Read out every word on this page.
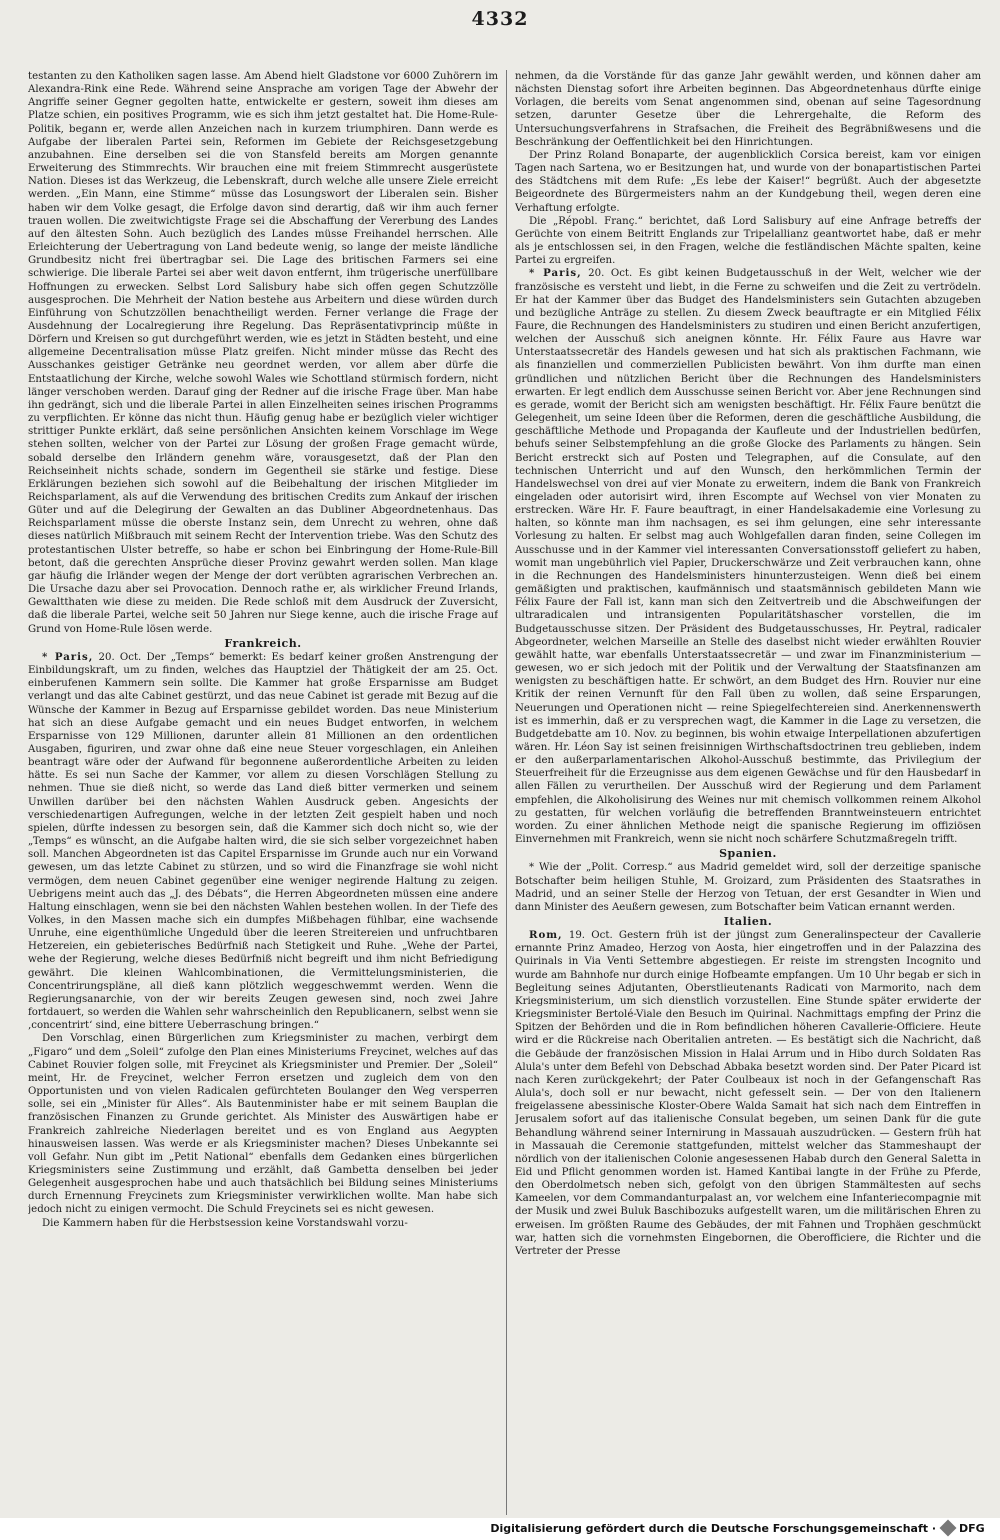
4332

testanten zu den Katholiken sagen lasse. Am Abend hielt Gladstone vor 6000 Zuhörern im Alexandra-Rink eine Rede. Während seine Ansprache am vorigen Tage der Abwehr der Angriffe seiner Gegner gegolten hatte, entwickelte er gestern, soweit ihm dieses am Platze schien, ein positives Programm, wie es sich ihm jetzt gestaltet hat. Die Home-Rule-Politik, begann er, werde allen Anzeichen nach in kurzem triumphiren. Dann werde es Aufgabe der liberalen Partei sein, Reformen im Gebiete der Reichsgesetzgebung anzubahnen. Eine derselben sei die von Stansfeld bereits am Morgen genannte Erweiterung des Stimmrechts. Wir brauchen eine mit freiem Stimmrecht ausgerüstete Nation. Dieses ist das Werkzeug, die Lebenskraft, durch welche alle unsere Ziele erreicht werden. „Ein Mann, eine Stimme“ müsse das Losungswort der Liberalen sein. Bisher haben wir dem Volke gesagt, die Erfolge davon sind derartig, daß wir ihm auch ferner trauen wollen. Die zweitwichtigste Frage sei die Abschaffung der Vererbung des Landes auf den ältesten Sohn. Auch bezüglich des Landes müsse Freihandel herrschen. Alle Erleichterung der Uebertragung von Land bedeute wenig, so lange der meiste ländliche Grundbesitz nicht frei übertragbar sei. Die Lage des britischen Farmers sei eine schwierige. Die liberale Partei sei aber weit davon entfernt, ihm trügerische unerfüllbare Hoffnungen zu erwecken. Selbst Lord Salisbury habe sich offen gegen Schutzzölle ausgesprochen. Die Mehrheit der Nation bestehe aus Arbeitern und diese würden durch Einführung von Schutzzöllen benachtheiligt werden. Ferner verlange die Frage der Ausdehnung der Localregierung ihre Regelung. Das Repräsentativprincip müßte in Dörfern und Kreisen so gut durchgeführt werden, wie es jetzt in Städten besteht, und eine allgemeine Decentralisation müsse Platz greifen. Nicht minder müsse das Recht des Ausschankes geistiger Getränke neu geordnet werden, vor allem aber dürfe die Entstaatlichung der Kirche, welche sowohl Wales wie Schottland stürmisch fordern, nicht länger verschoben werden. Darauf ging der Redner auf die irische Frage über. Man habe ihn gedrängt, sich und die liberale Partei in allen Einzelheiten seines irischen Programms zu verpflichten. Er könne das nicht thun. Häufig genug habe er bezüglich vieler wichtiger strittiger Punkte erklärt, daß seine persönlichen Ansichten keinem Vorschlage im Wege stehen sollten, welcher von der Partei zur Lösung der großen Frage gemacht würde, sobald derselbe den Irländern genehm wäre, vorausgesetzt, daß der Plan den Reichseinheit nichts schade, sondern im Gegentheil sie stärke und festige. Diese Erklärungen beziehen sich sowohl auf die Beibehaltung der irischen Mitglieder im Reichsparlament, als auf die Verwendung des britischen Credits zum Ankauf der irischen Güter und auf die Delegirung der Gewalten an das Dubliner Abgeordnetenhaus. Das Reichsparlament müsse die oberste Instanz sein, dem Unrecht zu wehren, ohne daß dieses natürlich Mißbrauch mit seinem Recht der Intervention triebe. Was den Schutz des protestantischen Ulster betreffe, so habe er schon bei Einbringung der Home-Rule-Bill betont, daß die gerechten Ansprüche dieser Provinz gewahrt werden sollen. Man klage gar häufig die Irländer wegen der Menge der dort verübten agrarischen Verbrechen an. Die Ursache dazu aber sei Provocation. Dennoch rathe er, als wirklicher Freund Irlands, Gewaltthaten wie diese zu meiden. Die Rede schloß mit dem Ausdruck der Zuversicht, daß die liberale Partei, welche seit 50 Jahren nur Siege kenne, auch die irische Frage auf Grund von Home-Rule lösen werde.

Frankreich.

* Paris, 20. Oct. Der „Temps“ bemerkt: Es bedarf keiner großen Anstrengung der Einbildungskraft, um zu finden, welches das Hauptziel der Thätigkeit der am 25. Oct. einberufenen Kammern sein sollte. Die Kammer hat große Ersparnisse am Budget verlangt und das alte Cabinet gestürzt, und das neue Cabinet ist gerade mit Bezug auf die Wünsche der Kammer in Bezug auf Ersparnisse gebildet worden. Das neue Ministerium hat sich an diese Aufgabe gemacht und ein neues Budget entworfen, in welchem Ersparnisse von 129 Millionen, darunter allein 81 Millionen an den ordentlichen Ausgaben, figuriren, und zwar ohne daß eine neue Steuer vorgeschlagen, ein Anleihen beantragt wäre oder der Aufwand für begonnene außerordentliche Arbeiten zu leiden hätte. Es sei nun Sache der Kammer, vor allem zu diesen Vorschlägen Stellung zu nehmen. Thue sie dieß nicht, so werde das Land dieß bitter vermerken und seinem Unwillen darüber bei den nächsten Wahlen Ausdruck geben. Angesichts der verschiedenartigen Aufregungen, welche in der letzten Zeit gespielt haben und noch spielen, dürfte indessen zu besorgen sein, daß die Kammer sich doch nicht so, wie der „Temps“ es wünscht, an die Aufgabe halten wird, die sie sich selber vorgezeichnet haben soll. Manchen Abgeordneten ist das Capitel Ersparnisse im Grunde auch nur ein Vorwand gewesen, um das letzte Cabinet zu stürzen, und so wird die Finanzfrage sie wohl nicht vermögen, dem neuen Cabinet gegenüber eine weniger negirende Haltung zu zeigen. Uebrigens meint auch das „J. des Débats“, die Herren Abgeordneten müssen eine andere Haltung einschlagen, wenn sie bei den nächsten Wahlen bestehen wollen. In der Tiefe des Volkes, in den Massen mache sich ein dumpfes Mißbehagen fühlbar, eine wachsende Unruhe, eine eigenthümliche Ungeduld über die leeren Streitereien und unfruchtbaren Hetzereien, ein gebieterisches Bedürfniß nach Stetigkeit und Ruhe. „Wehe der Partei, wehe der Regierung, welche dieses Bedürfniß nicht begreift und ihm nicht Befriedigung gewährt. Die kleinen Wahlcombinationen, die Vermittelungsministerien, die Concentrirungspläne, all dieß kann plötzlich weggeschwemmt werden. Wenn die Regierungsanarchie, von der wir bereits Zeugen gewesen sind, noch zwei Jahre fortdauert, so werden die Wahlen sehr wahrscheinlich den Republicanern, selbst wenn sie ‚concentrirt‘ sind, eine bittere Ueberraschung bringen.“

Den Vorschlag, einen Bürgerlichen zum Kriegsminister zu machen, verbirgt dem „Figaro“ und dem „Soleil“ zufolge den Plan eines Ministeriums Freycinet, welches auf das Cabinet Rouvier folgen solle, mit Freycinet als Kriegsminister und Premier. Der „Soleil“ meint, Hr. de Freycinet, welcher Ferron ersetzen und zugleich dem von den Opportunisten und von vielen Radicalen gefürchteten Boulanger den Weg versperren solle, sei ein „Minister für Alles“. Als Bautenminister habe er mit seinem Bauplan die französischen Finanzen zu Grunde gerichtet. Als Minister des Auswärtigen habe er Frankreich zahlreiche Niederlagen bereitet und es von England aus Aegypten hinausweisen lassen. Was werde er als Kriegsminister machen? Dieses Unbekannte sei voll Gefahr. Nun gibt im „Petit National“ ebenfalls dem Gedanken eines bürgerlichen Kriegsministers seine Zustimmung und erzählt, daß Gambetta denselben bei jeder Gelegenheit ausgesprochen habe und auch thatsächlich bei Bildung seines Ministeriums durch Ernennung Freycinets zum Kriegsminister verwirklichen wollte. Man habe sich jedoch nicht zu einigen vermocht. Die Schuld Freycinets sei es nicht gewesen.

Die Kammern haben für die Herbstsession keine Vorstandswahl vorzu-

nehmen, da die Vorstände für das ganze Jahr gewählt werden, und können daher am nächsten Dienstag sofort ihre Arbeiten beginnen. Das Abgeordnetenhaus dürfte einige Vorlagen, die bereits vom Senat angenommen sind, obenan auf seine Tagesordnung setzen, darunter Gesetze über die Lehrergehalte, die Reform des Untersuchungsverfahrens in Strafsachen, die Freiheit des Begräbnißwesens und die Beschränkung der Oeffentlichkeit bei den Hinrichtungen.

Der Prinz Roland Bonaparte, der augenblicklich Corsica bereist, kam vor einigen Tagen nach Sartena, wo er Besitzungen hat, und wurde von der bonapartistischen Partei des Städtchens mit dem Rufe: „Es lebe der Kaiser!“ begrüßt. Auch der abgesetzte Beigeordnete des Bürgermeisters nahm an der Kundgebung theil, wegen deren eine Verhaftung erfolgte.

Die „Répobl. Franç.“ berichtet, daß Lord Salisbury auf eine Anfrage betreffs der Gerüchte von einem Beitritt Englands zur Tripelallianz geantwortet habe, daß er mehr als je entschlossen sei, in den Fragen, welche die festländischen Mächte spalten, keine Partei zu ergreifen.

* Paris, 20. Oct. Es gibt keinen Budgetausschuß in der Welt, welcher wie der französische es versteht und liebt, in die Ferne zu schweifen und die Zeit zu vertrödeln. Er hat der Kammer über das Budget des Handelsministers sein Gutachten abzugeben und bezügliche Anträge zu stellen. Zu diesem Zweck beauftragte er ein Mitglied Félix Faure, die Rechnungen des Handelsministers zu studiren und einen Bericht anzufertigen, welchen der Ausschuß sich aneignen könnte. Hr. Félix Faure aus Havre war Unterstaatssecretär des Handels gewesen und hat sich als praktischen Fachmann, wie als finanziellen und commerziellen Publicisten bewährt. Von ihm durfte man einen gründlichen und nützlichen Bericht über die Rechnungen des Handelsministers erwarten. Er legt endlich dem Ausschusse seinen Bericht vor. Aber jene Rechnungen sind es gerade, womit der Bericht sich am wenigsten beschäftigt. Hr. Félix Faure benützt die Gelegenheit, um seine Ideen über die Reformen, deren die geschäftliche Ausbildung, die geschäftliche Methode und Propaganda der Kaufleute und der Industriellen bedürfen, behufs seiner Selbstempfehlung an die große Glocke des Parlaments zu hängen. Sein Bericht erstreckt sich auf Posten und Telegraphen, auf die Consulate, auf den technischen Unterricht und auf den Wunsch, den herkömmlichen Termin der Handelswechsel von drei auf vier Monate zu erweitern, indem die Bank von Frankreich eingeladen oder autorisirt wird, ihren Escompte auf Wechsel von vier Monaten zu erstrecken. Wäre Hr. F. Faure beauftragt, in einer Handelsakademie eine Vorlesung zu halten, so könnte man ihm nachsagen, es sei ihm gelungen, eine sehr interessante Vorlesung zu halten. Er selbst mag auch Wohlgefallen daran finden, seine Collegen im Ausschusse und in der Kammer viel interessanten Conversationsstoff geliefert zu haben, womit man ungebührlich viel Papier, Druckerschwärze und Zeit verbrauchen kann, ohne in die Rechnungen des Handelsministers hinunterzusteigen. Wenn dieß bei einem gemäßigten und praktischen, kaufmännisch und staatsmännisch gebildeten Mann wie Félix Faure der Fall ist, kann man sich den Zeitvertreib und die Abschweifungen der ultraradicalen und intransigenten Popularitätshascher vorstellen, die im Budgetausschusse sitzen. Der Präsident des Budgetausschusses, Hr. Peytral, radicaler Abgeordneter, welchen Marseille an Stelle des daselbst nicht wieder erwählten Rouvier gewählt hatte, war ebenfalls Unterstaatssecretär — und zwar im Finanzministerium — gewesen, wo er sich jedoch mit der Politik und der Verwaltung der Staatsfinanzen am wenigsten zu beschäftigen hatte. Er schwört, an dem Budget des Hrn. Rouvier nur eine Kritik der reinen Vernunft für den Fall üben zu wollen, daß seine Ersparungen, Neuerungen und Operationen nicht — reine Spiegelfechtereien sind. Anerkennenswerth ist es immerhin, daß er zu versprechen wagt, die Kammer in die Lage zu versetzen, die Budgetdebatte am 10. Nov. zu beginnen, bis wohin etwaige Interpellationen abzufertigen wären. Hr. Léon Say ist seinen freisinnigen Wirthschaftsdoctrinen treu geblieben, indem er den außerparlamentarischen Alkohol-Ausschuß bestimmte, das Privilegium der Steuerfreiheit für die Erzeugnisse aus dem eigenen Gewächse und für den Hausbedarf in allen Fällen zu verurtheilen. Der Ausschuß wird der Regierung und dem Parlament empfehlen, die Alkoholisirung des Weines nur mit chemisch vollkommen reinem Alkohol zu gestatten, für welchen vorläufig die betreffenden Branntweinsteuern entrichtet worden. Zu einer ähnlichen Methode neigt die spanische Regierung im offiziösen Einvernehmen mit Frankreich, wenn sie nicht noch schärfere Schutzmaßregeln trifft.

Spanien.

* Wie der „Polit. Corresp.“ aus Madrid gemeldet wird, soll der derzeitige spanische Botschafter beim heiligen Stuhle, M. Groizard, zum Präsidenten des Staatsrathes in Madrid, und an seiner Stelle der Herzog von Tetuan, der erst Gesandter in Wien und dann Minister des Aeußern gewesen, zum Botschafter beim Vatican ernannt werden.

Italien.

Rom, 19. Oct. Gestern früh ist der jüngst zum Generalinspecteur der Cavallerie ernannte Prinz Amadeo, Herzog von Aosta, hier eingetroffen und in der Palazzina des Quirinals in Via Venti Settembre abgestiegen. Er reiste im strengsten Incognito und wurde am Bahnhofe nur durch einige Hofbeamte empfangen. Um 10 Uhr begab er sich in Begleitung seines Adjutanten, Oberstlieutenants Radicati von Marmorito, nach dem Kriegsministerium, um sich dienstlich vorzustellen. Eine Stunde später erwiderte der Kriegsminister Bertolé-Viale den Besuch im Quirinal. Nachmittags empfing der Prinz die Spitzen der Behörden und die in Rom befindlichen höheren Cavallerie-Officiere. Heute wird er die Rückreise nach Oberitalien antreten. — Es bestätigt sich die Nachricht, daß die Gebäude der französischen Mission in Halai Arrum und in Hibo durch Soldaten Ras Alula's unter dem Befehl von Debschad Abbaka besetzt worden sind. Der Pater Picard ist nach Keren zurückgekehrt; der Pater Coulbeaux ist noch in der Gefangenschaft Ras Alula's, doch soll er nur bewacht, nicht gefesselt sein. — Der von den Italienern freigelassene abessinische Kloster-Obere Walda Samait hat sich nach dem Eintreffen in Jerusalem sofort auf das italienische Consulat begeben, um seinen Dank für die gute Behandlung während seiner Internirung in Massauah auszudrücken. — Gestern früh hat in Massauah die Ceremonie stattgefunden, mittelst welcher das Stammeshaupt der nördlich von der italienischen Colonie angesessenen Habab durch den General Saletta in Eid und Pflicht genommen worden ist. Hamed Kantibai langte in der Frühe zu Pferde, den Oberdolmetsch neben sich, gefolgt von den übrigen Stammältesten auf sechs Kameelen, vor dem Commandanturpalast an, vor welchem eine Infanteriecompagnie mit der Musik und zwei Buluk Baschibozuks aufgestellt waren, um die militärischen Ehren zu erweisen. Im größten Raume des Gebäudes, der mit Fahnen und Trophäen geschmückt war, hatten sich die vornehmsten Eingebornen, die Oberofficiere, die Richter und die Vertreter der Presse

Digitalisierung gefördert durch die Deutsche Forschungsgemeinschaft · DFG
